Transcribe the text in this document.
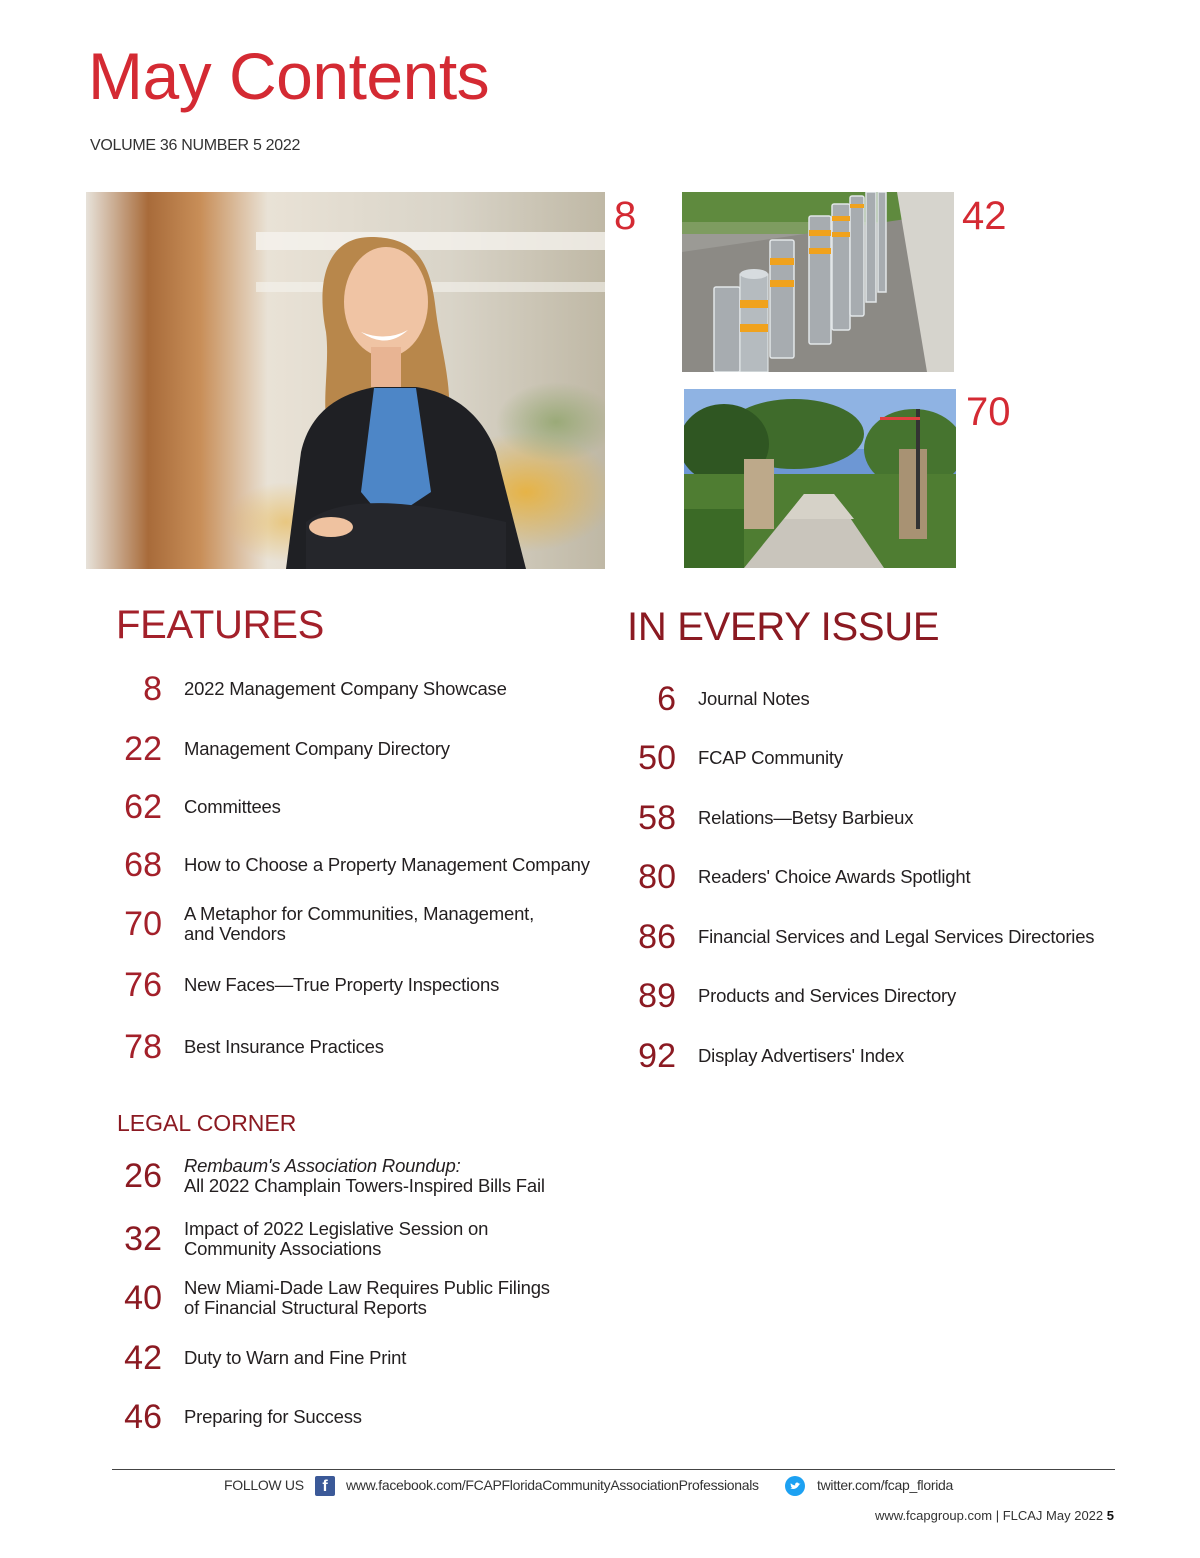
May Contents
VOLUME 36 NUMBER 5 2022
8	42
70
FEATURES
8 2022 Management Company Showcase
22 Management Company Directory
62 Committees
68 How to Choose a Property Management Company
70 A Metaphor for Communities, Management,
and Vendors
76 New Faces—True Property Inspections
78 Best Insurance Practices
LEGAL CORNER
26 Rembaum's Association Roundup:
All 2022 Champlain Towers-Inspired Bills Fail
32 Impact of 2022 Legislative Session on
Community Associations
40 New Miami-Dade Law Requires Public Filings
of Financial Structural Reports
42 Duty to Warn and Fine Print
46 Preparing for Success
IN EVERY ISSUE
6 Journal Notes
50 FCAP Community
58 Relations—Betsy Barbieux
80 Readers' Choice Awards Spotlight
86 Financial Services and Legal Services Directories
89 Products and Services Directory
92 Display Advertisers' Index
FOLLOW US	f	www.facebook.com/FCAPFloridaCommunityAssociationProfessionals	twitter.com/fcap_florida
www.fcapgroup.com | FLCAJ May 2022 5
